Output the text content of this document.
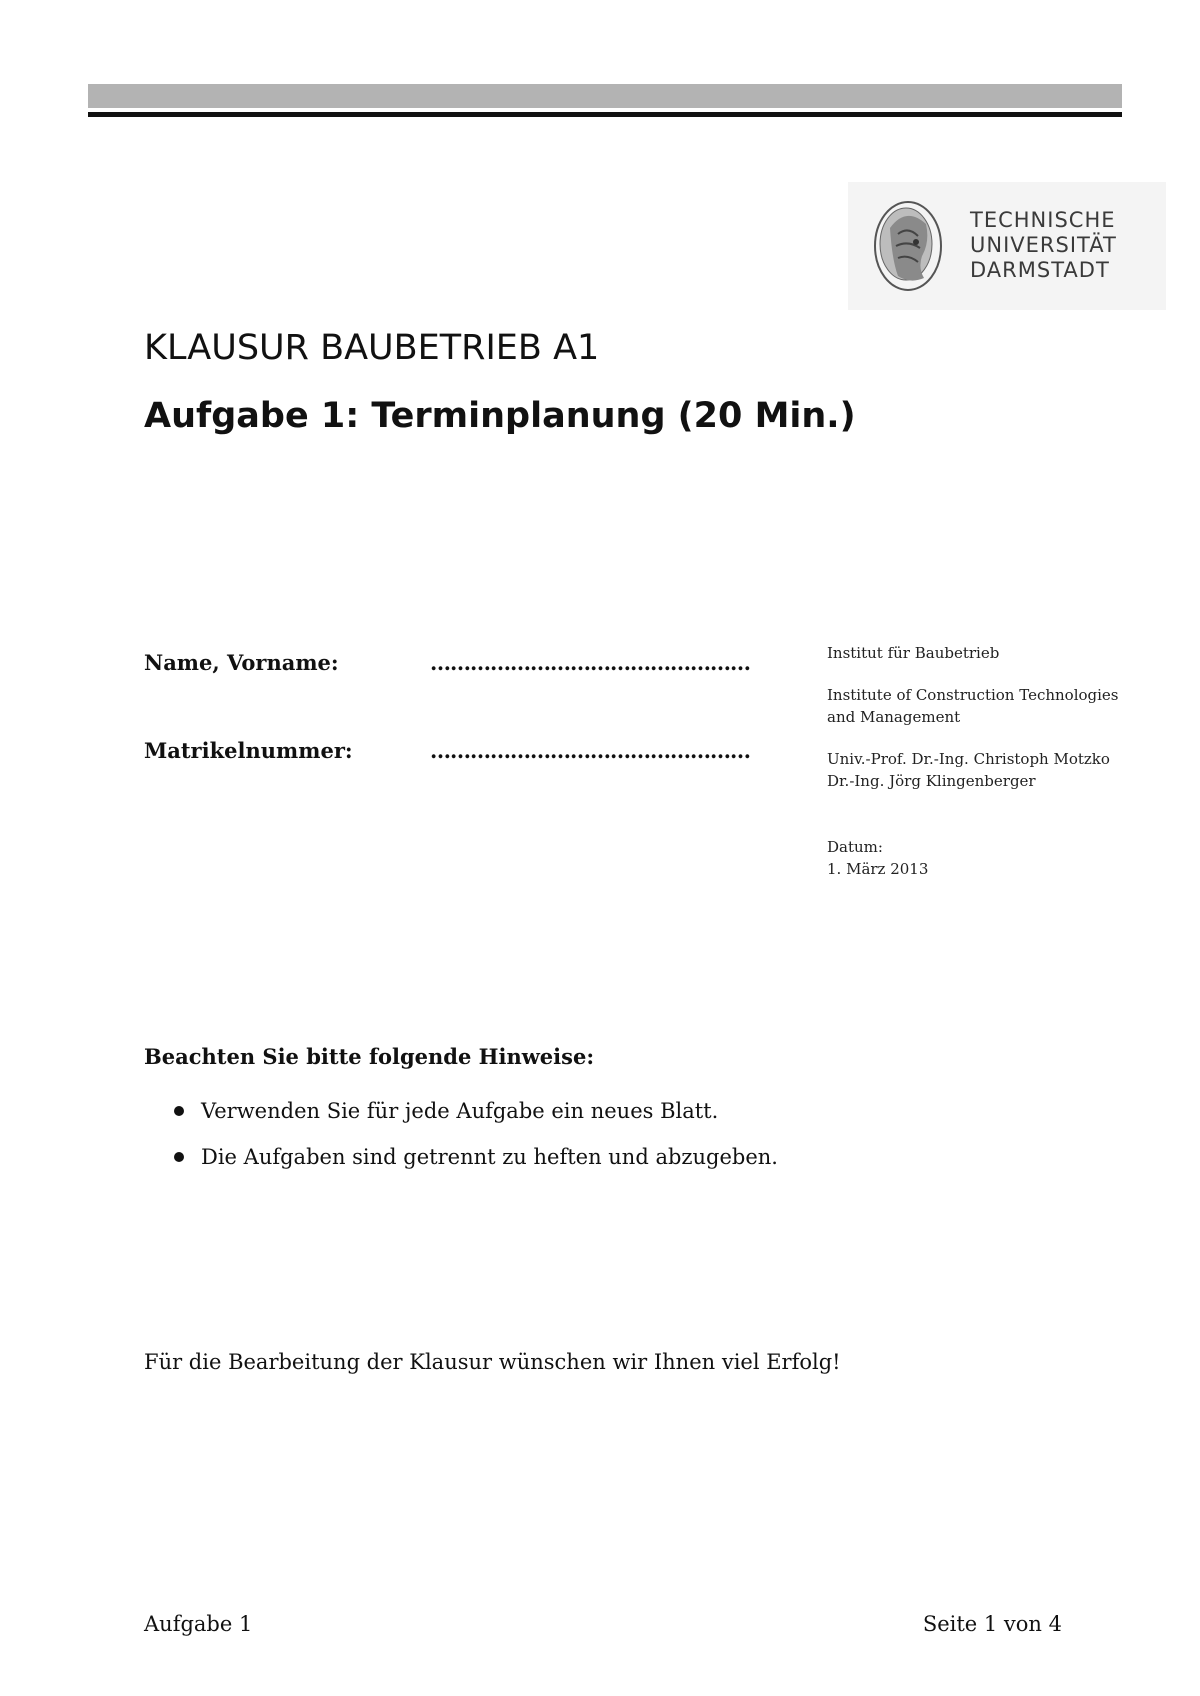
TECHNISCHE
UNIVERSITÄT
DARMSTADT
KLAUSUR BAUBETRIEB A1
Aufgabe 1: Terminplanung (20 Min.)
Name, Vorname:	…………………………………………
Matrikelnummer:	…………………………………………

Institut für Baubetrieb

Institute of Construction Technologies

and Management

Univ.-Prof. Dr.-Ing. Christoph Motzko

Dr.-Ing. Jörg Klingenberger

Datum:

1. März 2013

Beachten Sie bitte folgende Hinweise:
Verwenden Sie für jede Aufgabe ein neues Blatt.
Die Aufgaben sind getrennt zu heften und abzugeben.
Für die Bearbeitung der Klausur wünschen wir Ihnen viel Erfolg!
Aufgabe 1	Seite 1 von 4
